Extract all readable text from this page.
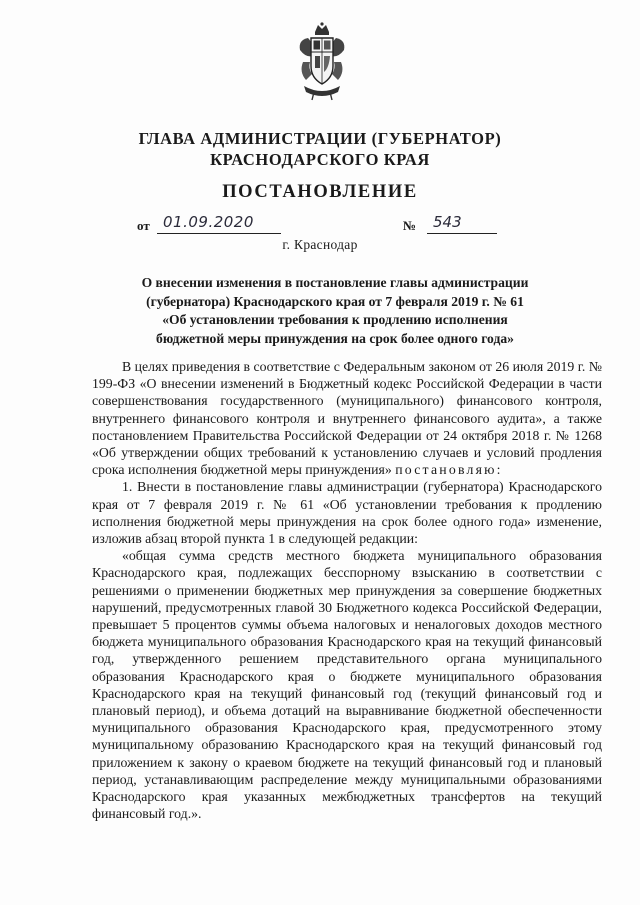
ГЛАВА АДМИНИСТРАЦИИ (ГУБЕРНАТОР)
КРАСНОДАРСКОГО КРАЯ
ПОСТАНОВЛЕНИЕ
от 01.09.2020	№	543
г. Краснодар
О внесении изменения в постановление главы администрации
(губернатора) Краснодарского края от 7 февраля 2019 г. № 61
«Об установлении требования к продлению исполнения
бюджетной меры принуждения на срок более одного года»

В целях приведения в соответствие с Федеральным законом от 26 июля 2019 г. № 199-ФЗ «О внесении изменений в Бюджетный кодекс Российской Федерации в части совершенствования государственного (муниципального) финансового контроля, внутреннего финансового контроля и внутреннего финансового аудита», а также постановлением Правительства Российской Федерации от 24 октября 2018 г. № 1268 «Об утверждении общих требований к установлению случаев и условий продления срока исполнения бюджетной меры принуждения» постановляю:

1. Внести в постановление главы администрации (губернатора) Краснодарского края от 7 февраля 2019 г. № 61 «Об установлении требования к продлению исполнения бюджетной меры принуждения на срок более одного года» изменение, изложив абзац второй пункта 1 в следующей редакции:

«общая сумма средств местного бюджета муниципального образования Краснодарского края, подлежащих бесспорному взысканию в соответствии с решениями о применении бюджетных мер принуждения за совершение бюджетных нарушений, предусмотренных главой 30 Бюджетного кодекса Российской Федерации, превышает 5 процентов суммы объема налоговых и неналоговых доходов местного бюджета муниципального образования Краснодарского края на текущий финансовый год, утвержденного решением представительного органа муниципального образования Краснодарского края о бюджете муниципального образования Краснодарского края на текущий финансовый год (текущий финансовый год и плановый период), и объема дотаций на выравнивание бюджетной обеспеченности муниципального образования Краснодарского края, предусмотренного этому муниципальному образованию Краснодарского края на текущий финансовый год приложением к закону о краевом бюджете на текущий финансовый год и плановый период, устанавливающим распределение между муниципальными образованиями Краснодарского края указанных межбюджетных трансфертов на текущий финансовый год.».
